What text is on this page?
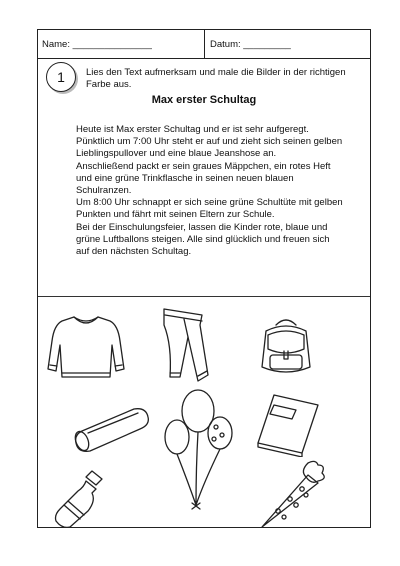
Name: _______________	Datum: _________
1	Lies den Text aufmerksam und male die Bilder in der richtigen Farbe aus.
Max erster Schultag

Heute ist Max erster Schultag und er ist sehr aufgeregt. Pünktlich um 7:00 Uhr steht er auf und zieht sich seinen gelben Lieblingspullover und eine blaue Jeanshose an.

Anschließend packt er sein graues Mäppchen, ein rotes Heft und eine grüne Trinkflasche in seinen neuen blauen Schulranzen.

Um 8:00 Uhr schnappt er sich seine grüne Schultüte mit gelben Punkten und fährt mit seinen Eltern zur Schule.

Bei der Einschulungsfeier, lassen die Kinder rote, blaue und grüne Luftballons steigen. Alle sind glücklich und freuen sich auf den nächsten Schultag.
